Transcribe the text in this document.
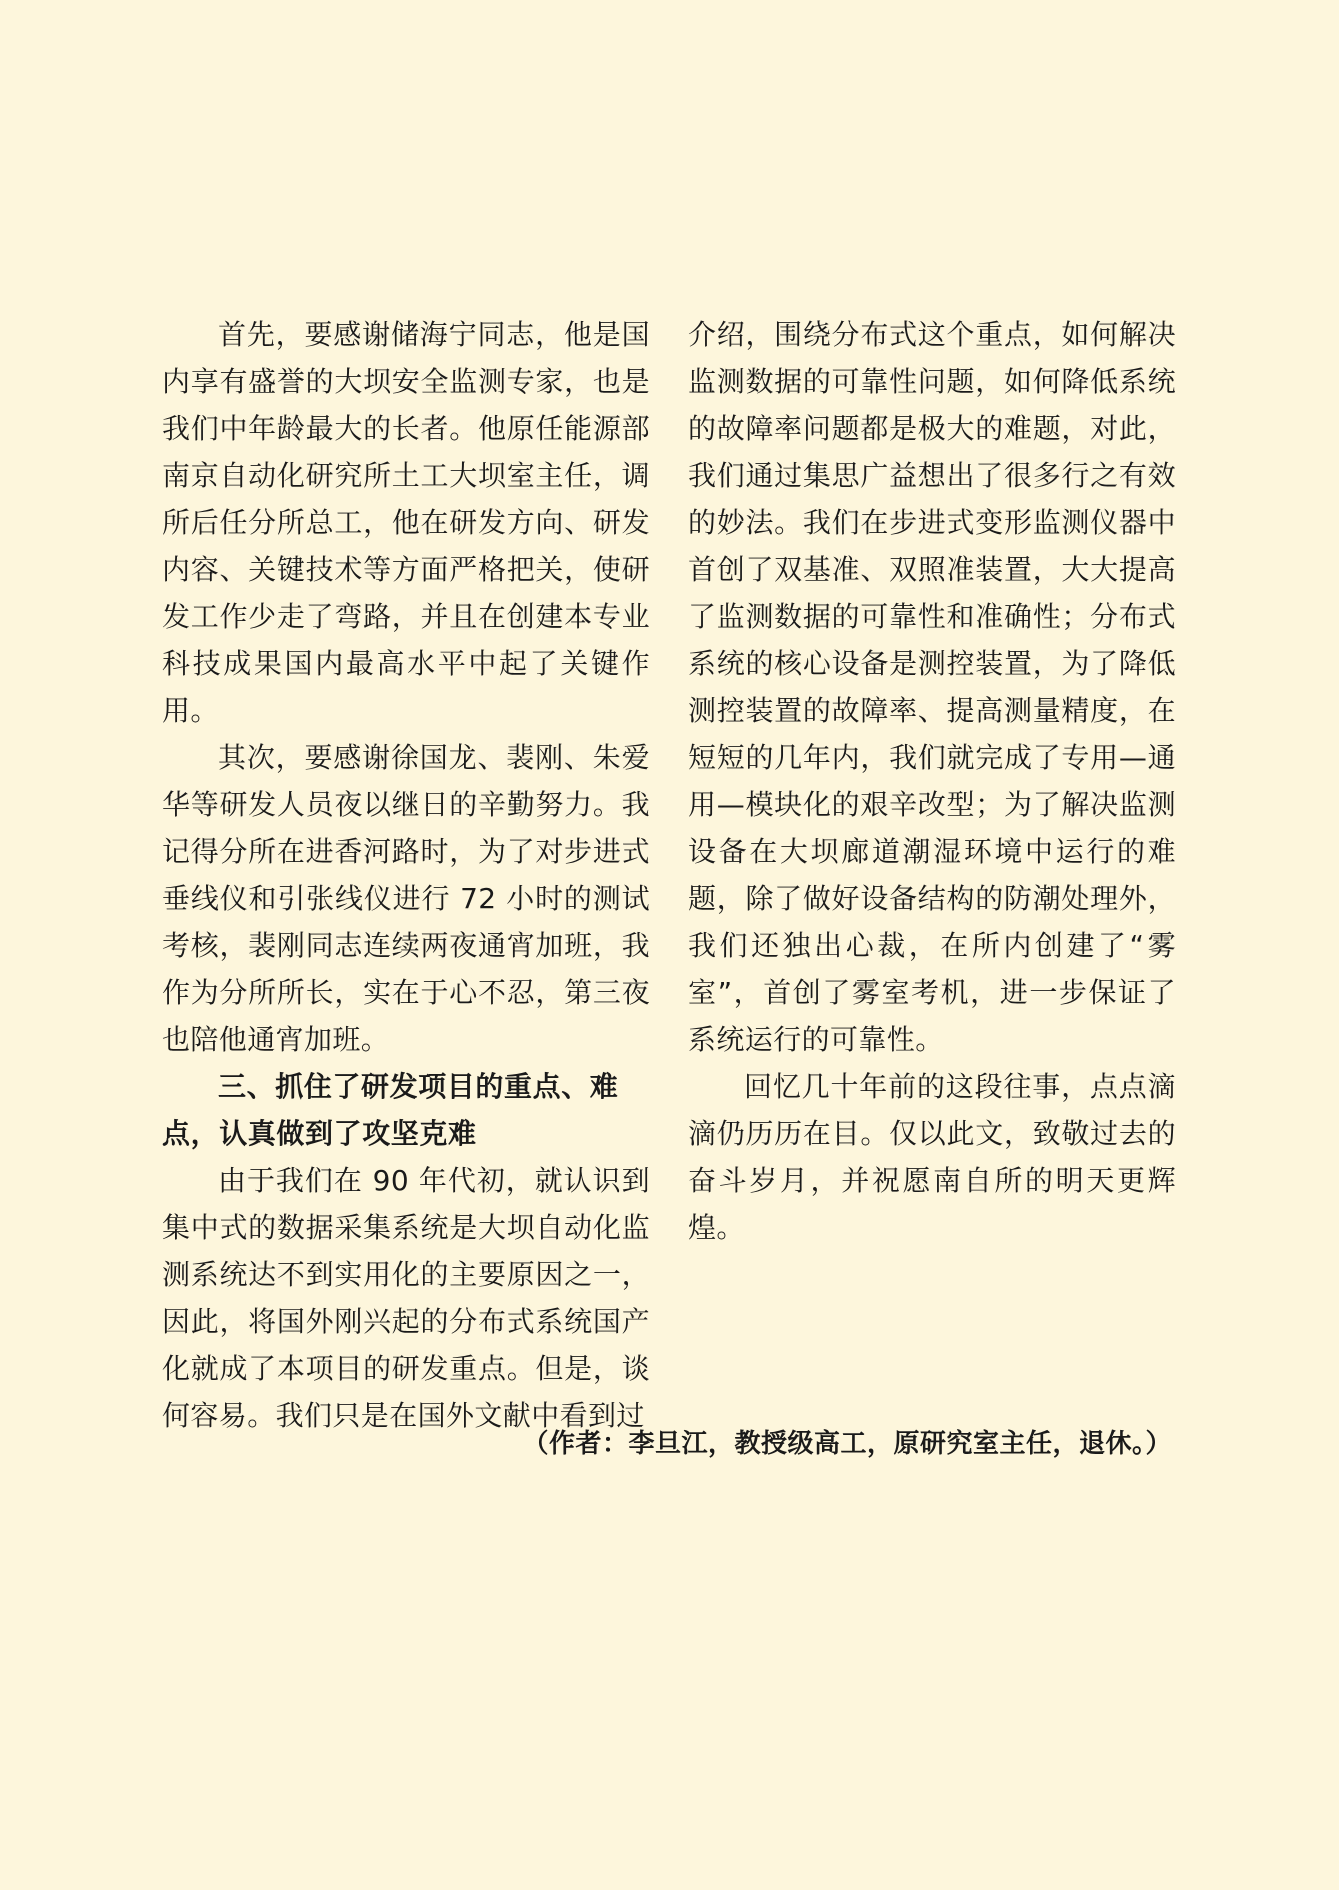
首先，要感谢储海宁同志，他是国内享有盛誉的大坝安全监测专家，也是我们中年龄最大的长者。他原任能源部南京自动化研究所土工大坝室主任，调所后任分所总工，他在研发方向、研发内容、关键技术等方面严格把关，使研发工作少走了弯路，并且在创建本专业科技成果国内最高水平中起了关键作用。

其次，要感谢徐国龙、裴刚、朱爱华等研发人员夜以继日的辛勤努力。我记得分所在进香河路时，为了对步进式垂线仪和引张线仪进行 72 小时的测试考核，裴刚同志连续两夜通宵加班，我作为分所所长，实在于心不忍，第三夜也陪他通宵加班。

三、抓住了研发项目的重点、难点，认真做到了攻坚克难

由于我们在 90 年代初，就认识到集中式的数据采集系统是大坝自动化监测系统达不到实用化的主要原因之一，因此，将国外刚兴起的分布式系统国产化就成了本项目的研发重点。但是，谈何容易。我们只是在国外文献中看到过

介绍，围绕分布式这个重点，如何解决监测数据的可靠性问题，如何降低系统的故障率问题都是极大的难题，对此，我们通过集思广益想出了很多行之有效的妙法。我们在步进式变形监测仪器中首创了双基准、双照准装置，大大提高了监测数据的可靠性和准确性；分布式系统的核心设备是测控装置，为了降低测控装置的故障率、提高测量精度，在短短的几年内，我们就完成了专用—通用—模块化的艰辛改型；为了解决监测设备在大坝廊道潮湿环境中运行的难题，除了做好设备结构的防潮处理外，我们还独出心裁，在所内创建了“雾室”，首创了雾室考机，进一步保证了系统运行的可靠性。

回忆几十年前的这段往事，点点滴滴仍历历在目。仅以此文，致敬过去的奋斗岁月，并祝愿南自所的明天更辉煌。

（作者：李旦江，教授级高工，原研究室主任，退休。）
